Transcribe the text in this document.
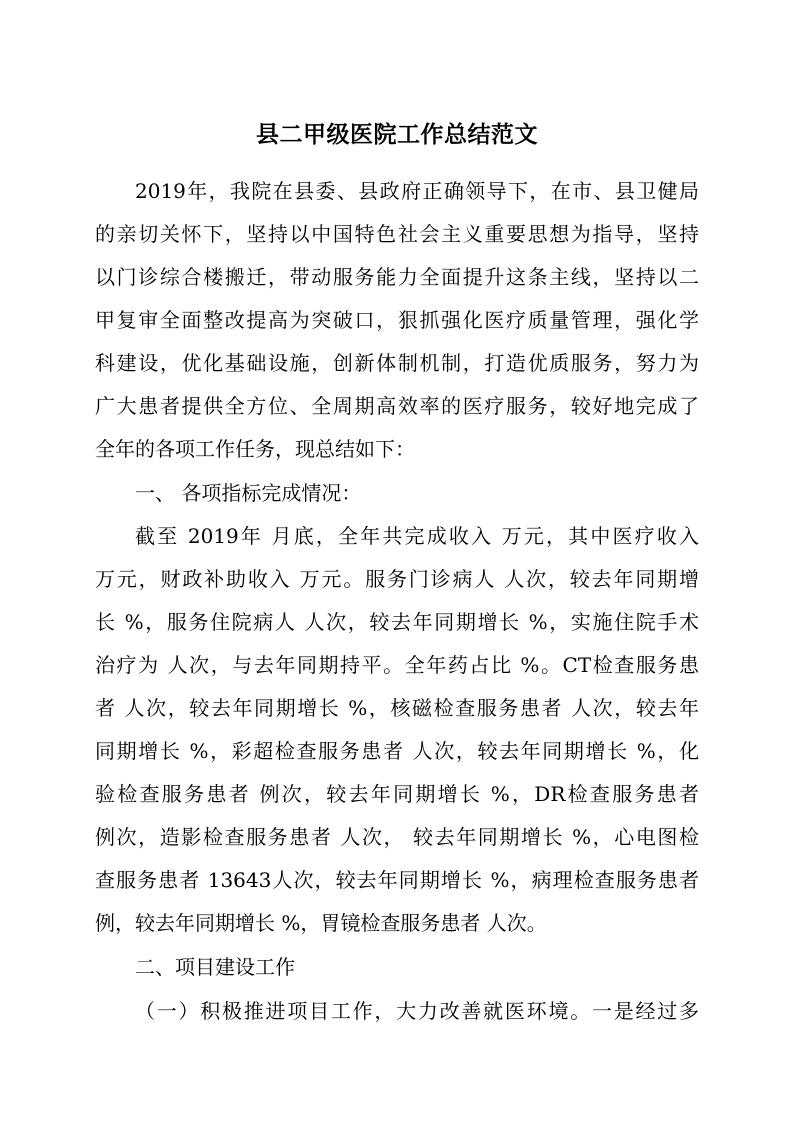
县二甲级医院工作总结范文
2019年，我院在县委、县政府正确领导下，在市、县卫健局
的亲切关怀下，坚持以中国特色社会主义重要思想为指导，坚持
以门诊综合楼搬迁，带动服务能力全面提升这条主线，坚持以二
甲复审全面整改提高为突破口，狠抓强化医疗质量管理，强化学
科建设，优化基础设施，创新体制机制，打造优质服务，努力为
广大患者提供全方位、全周期高效率的医疗服务，较好地完成了
全年的各项工作任务，现总结如下：
一、 各项指标完成情况：
截至 2019年 月底，全年共完成收入 万元，其中医疗收入
万元，财政补助收入 万元。服务门诊病人 人次，较去年同期增
长 %，服务住院病人 人次，较去年同期增长 %，实施住院手术
治疗为 人次，与去年同期持平。全年药占比 %。CT检查服务患
者 人次，较去年同期增长 %，核磁检查服务患者 人次，较去年
同期增长 %，彩超检查服务患者 人次，较去年同期增长 %，化
验检查服务患者 例次，较去年同期增长 %，DR检查服务患者
例次，造影检查服务患者 人次， 较去年同期增长 %，心电图检
查服务患者 13643人次，较去年同期增长 %，病理检查服务患者
例，较去年同期增长 %，胃镜检查服务患者 人次。
二、项目建设工作
（一）积极推进项目工作，大力改善就医环境。一是经过多
